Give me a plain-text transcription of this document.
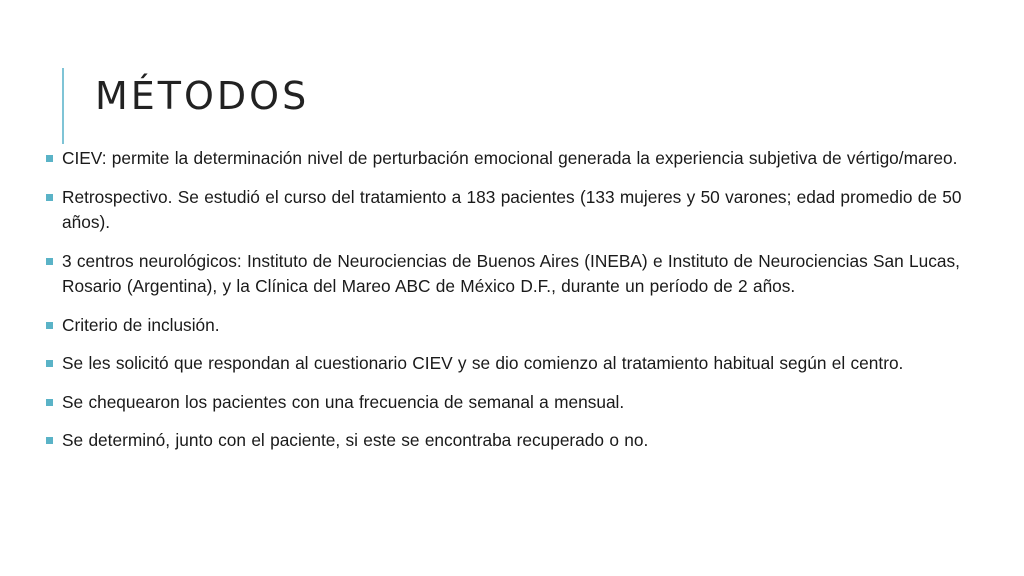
MÉTODOS
CIEV: permite la determinación nivel de perturbación emocional generada la experiencia subjetiva de vértigo/mareo.
Retrospectivo. Se estudió el curso del tratamiento a 183 pacientes (133 mujeres y 50 varones; edad promedio de 50 años).
3 centros neurológicos: Instituto de Neurociencias de Buenos Aires (INEBA) e Instituto de Neurociencias San Lucas, Rosario (Argentina), y la Clínica del Mareo ABC de México D.F., durante un período de 2 años.
Criterio de inclusión.
Se les solicitó que respondan al cuestionario CIEV y se dio comienzo al tratamiento habitual según el centro.
Se chequearon los pacientes con una frecuencia de semanal a mensual.
Se determinó, junto con el paciente, si este se encontraba recuperado o no.
